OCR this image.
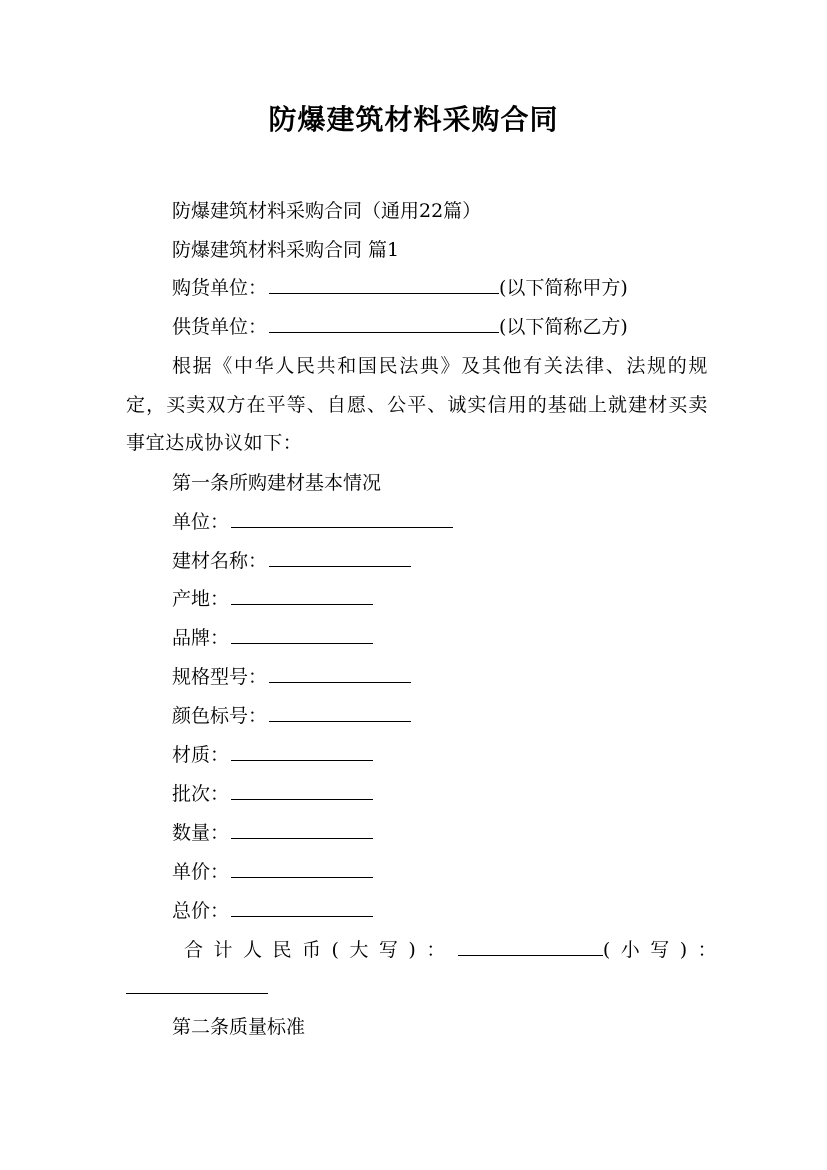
防爆建筑材料采购合同
防爆建筑材料采购合同（通用22篇）
防爆建筑材料采购合同 篇1
购货单位：	(以下简称甲方)
供货单位：	(以下简称乙方)
根据《中华人民共和国民法典》及其他有关法律、法规的规定，买卖双方在平等、自愿、公平、诚实信用的基础上就建材买卖事宜达成协议如下：
第一条所购建材基本情况
单位：
建材名称：
产地：
品牌：
规格型号：
颜色标号：
材质：
批次：
数量：
单价：
总价：
合计人民币(大写)：	(小写)：
第二条质量标准
